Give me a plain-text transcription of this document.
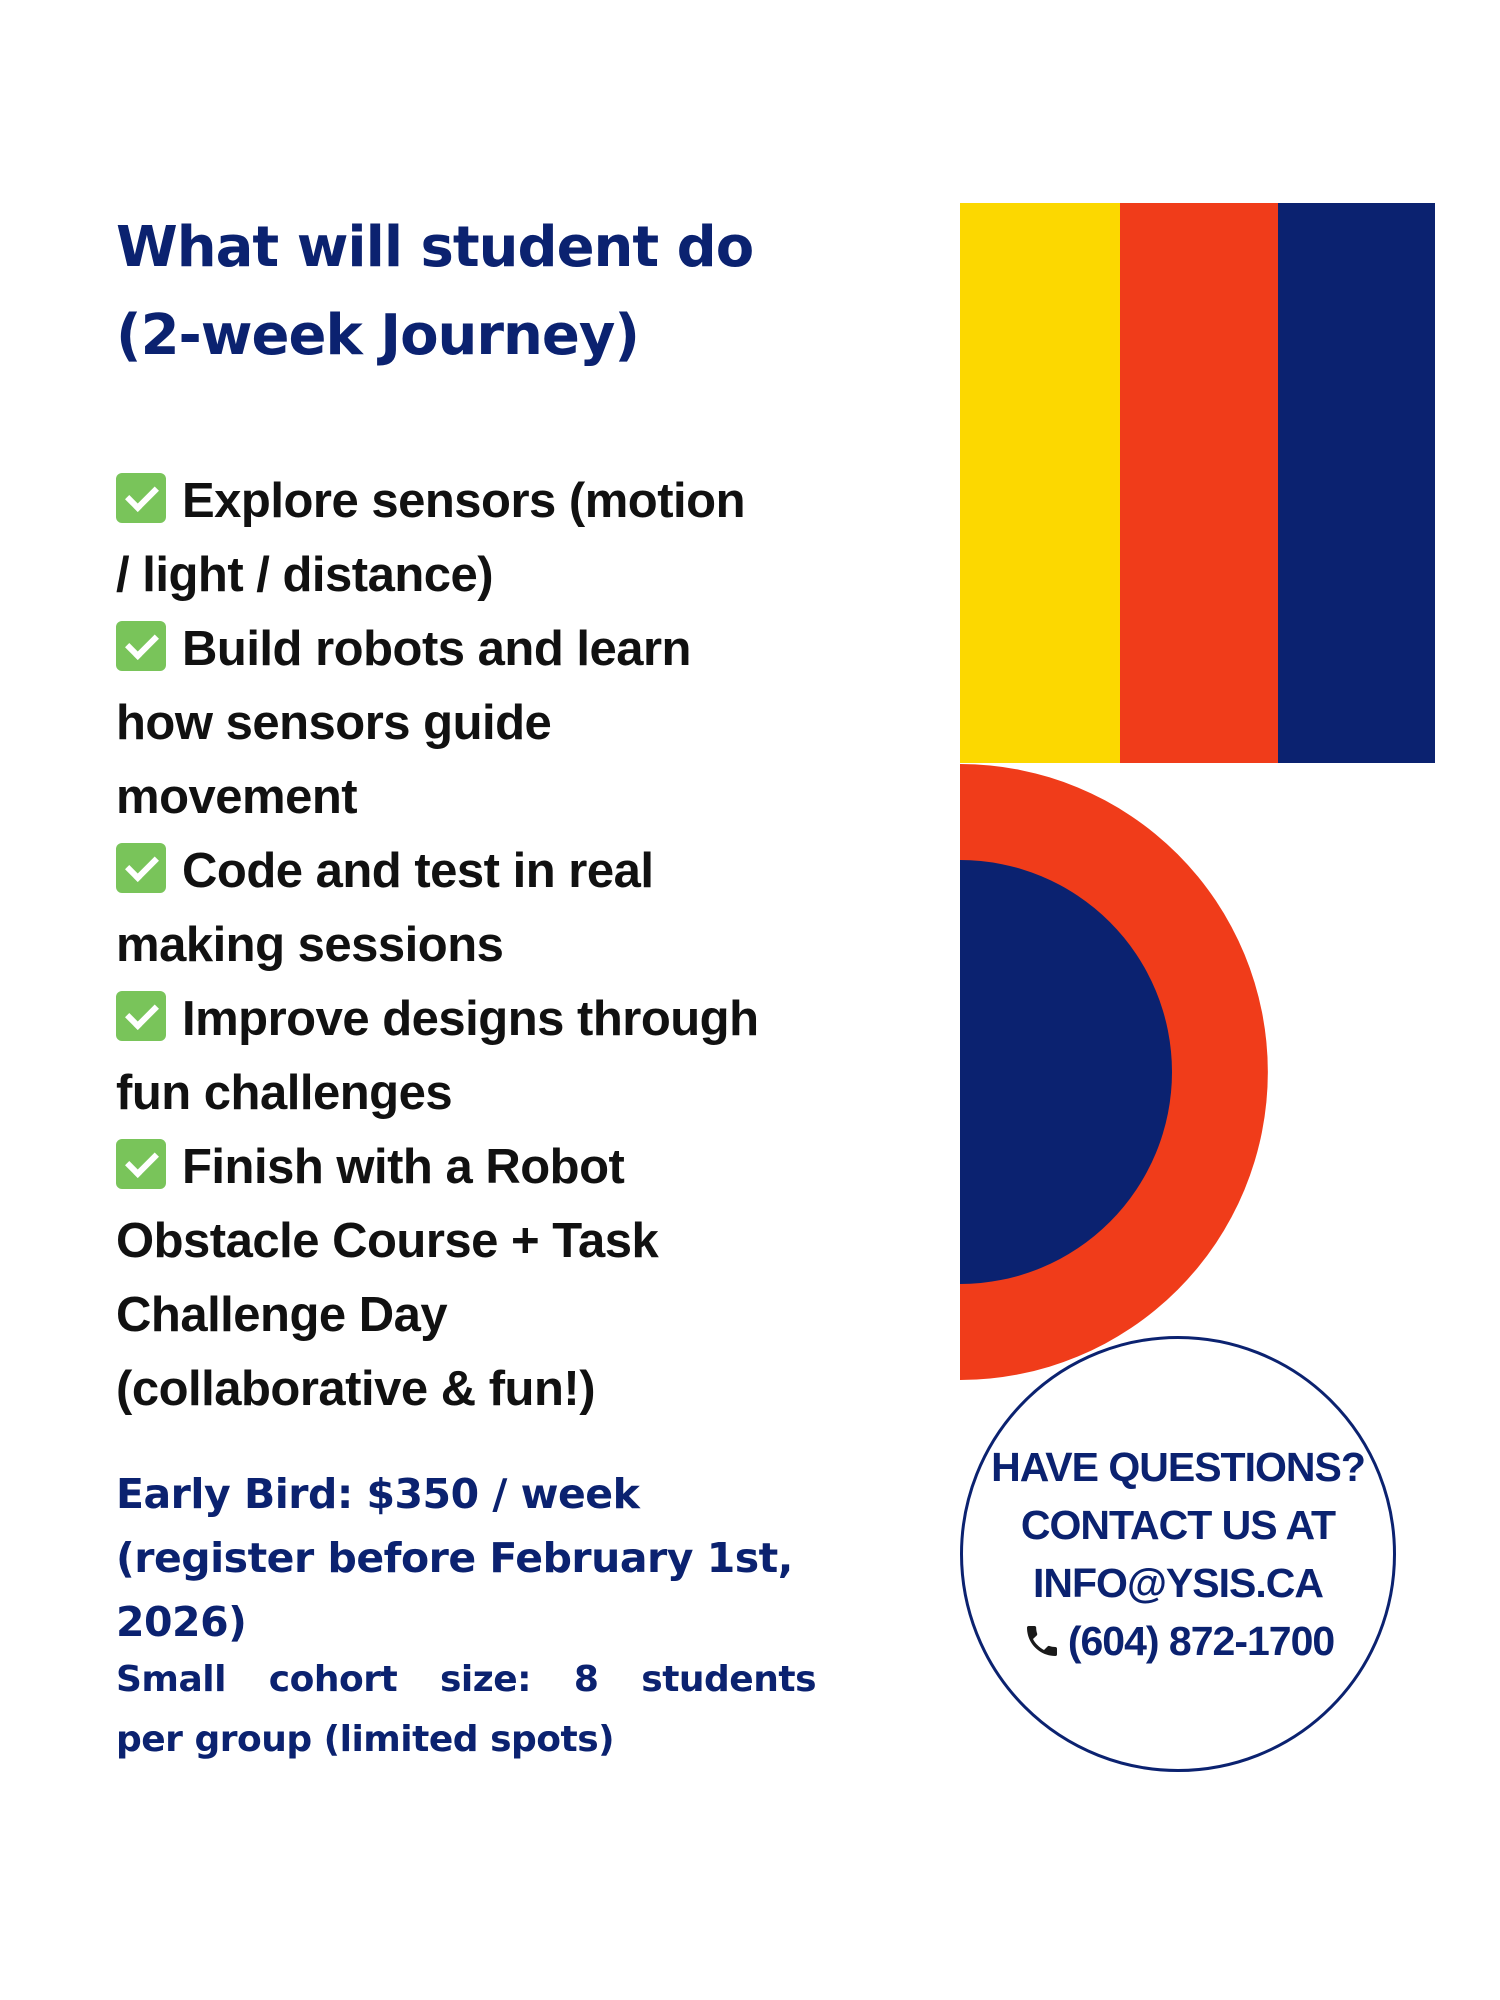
What will student do
(2-week Journey)
Explore sensors (motion
/ light / distance)
Build robots and learn
how sensors guide
movement
Code and test in real
making sessions
Improve designs through
fun challenges
Finish with a Robot
Obstacle Course + Task
Challenge Day
(collaborative & fun!)
Early Bird: $350 / week
(register before February 1st,
2026)
Small cohort size: 8 students
per group (limited spots)
HAVE QUESTIONS?
CONTACT US AT
INFO@YSIS.CA
(604) 872-1700
